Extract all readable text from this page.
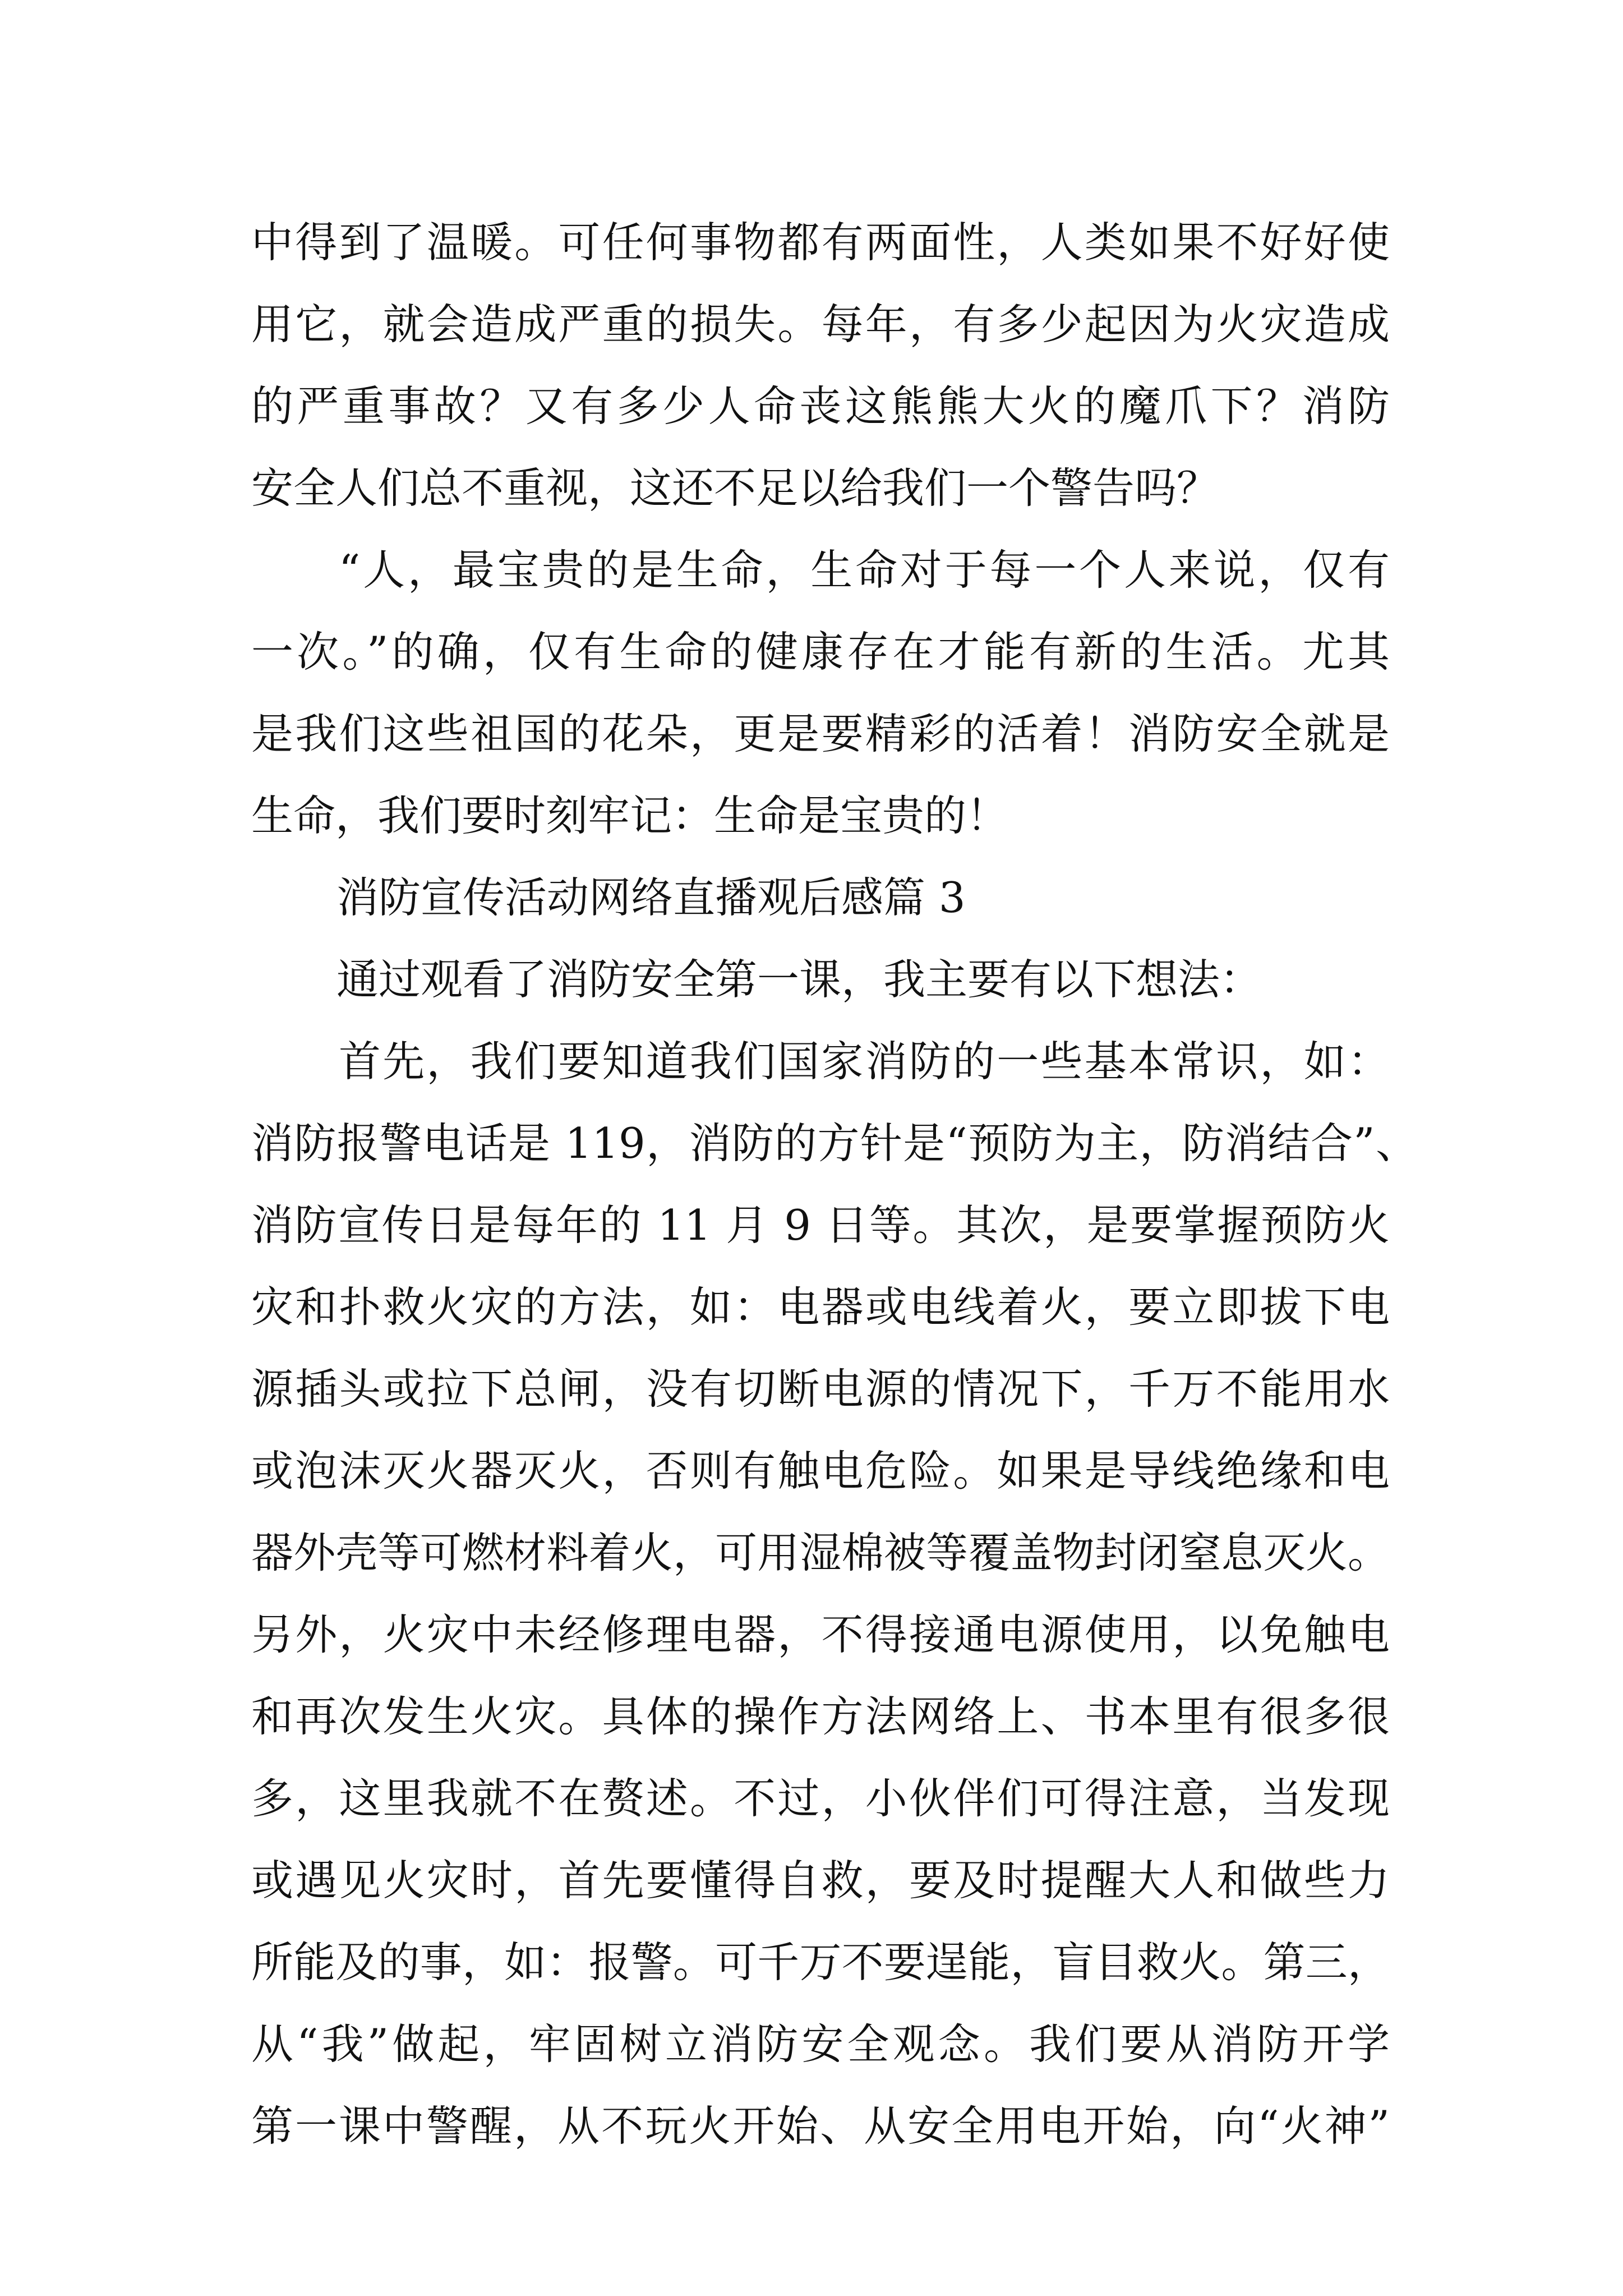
中得到了温暖。可任何事物都有两面性，人类如果不好好使
用它，就会造成严重的损失。每年，有多少起因为火灾造成
的严重事故？又有多少人命丧这熊熊大火的魔爪下？消防
安全人们总不重视，这还不足以给我们一个警告吗？
“人，最宝贵的是生命，生命对于每一个人来说，仅有
一次。”的确，仅有生命的健康存在才能有新的生活。尤其
是我们这些祖国的花朵，更是要精彩的活着！消防安全就是
生命，我们要时刻牢记：生命是宝贵的！
消防宣传活动网络直播观后感篇 3
通过观看了消防安全第一课，我主要有以下想法：
首先，我们要知道我们国家消防的一些基本常识，如：
消防报警电话是 119，消防的方针是“预防为主，防消结合”、
消防宣传日是每年的 11 月 9 日等。其次，是要掌握预防火
灾和扑救火灾的方法，如：电器或电线着火，要立即拔下电
源插头或拉下总闸，没有切断电源的情况下，千万不能用水
或泡沫灭火器灭火，否则有触电危险。如果是导线绝缘和电
器外壳等可燃材料着火，可用湿棉被等覆盖物封闭窒息灭火。
另外，火灾中未经修理电器，不得接通电源使用，以免触电
和再次发生火灾。具体的操作方法网络上、书本里有很多很
多，这里我就不在赘述。不过，小伙伴们可得注意，当发现
或遇见火灾时，首先要懂得自救，要及时提醒大人和做些力
所能及的事，如：报警。可千万不要逞能，盲目救火。第三，
从“我”做起，牢固树立消防安全观念。我们要从消防开学
第一课中警醒，从不玩火开始、从安全用电开始，向“火神”
